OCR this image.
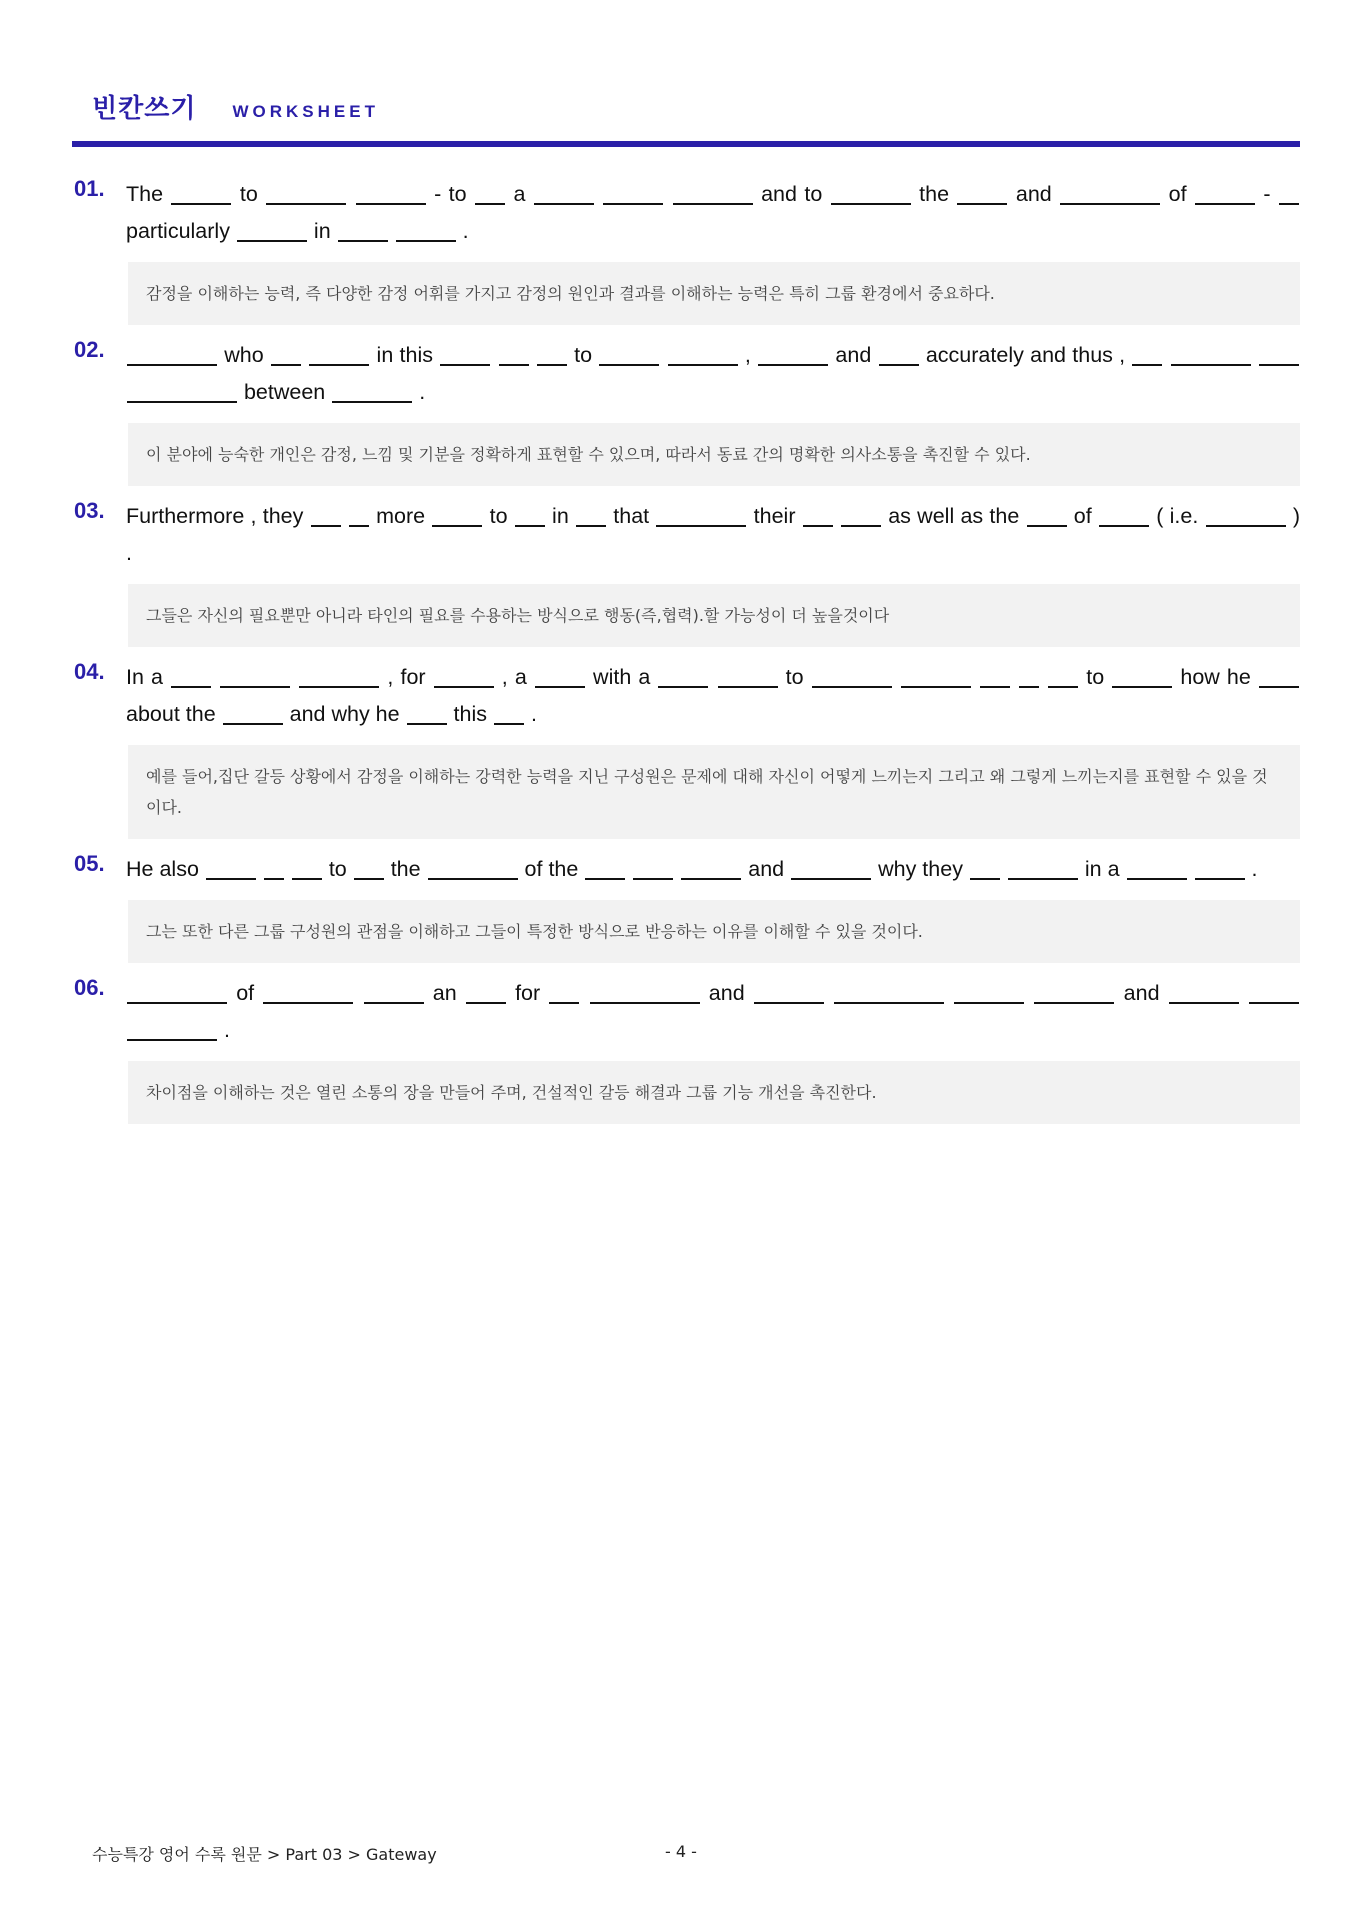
빈칸쓰기 WORKSHEET
01. The	to	- to  a	and to	the  and	of	-  particularly	in	.
감정을 이해하는 능력, 즉 다양한 감정 어휘를 가지고 감정의 원인과 결과를 이해하는 능력은 특히 그룹 환경에서 중요하다.
02.	who	in this	to	,	and  accurately and thus ,     between	.
이 분야에 능숙한 개인은 감정, 느낌 및 기분을 정확하게 표현할 수 있으며, 따라서 동료 간의 명확한 의사소통을 촉진할 수 있다.
03. Furthermore , they	more  to  in  that	their	as well as the  of  ( i.e.	) .
그들은 자신의 필요뿐만 아니라 타인의 필요를 수용하는 방식으로 행동(즉,협력).할 가능성이 더 높을것이다
04. In a	, for	, a  with a	to	to	how he  about the	and why he  this  .
예를 들어,집단 갈등 상황에서 감정을 이해하는 강력한 능력을 지닌 구성원은 문제에 대해 자신이 어떻게 느끼는지 그리고 왜 그렇게 느끼는지를 표현할 수 있을 것이다.
05. He also	to  the	of the	and	why they	in a	.
그는 또한 다른 그룹 구성원의 관점을 이해하고 그들이 특정한 방식으로 반응하는 이유를 이해할 수 있을 것이다.
06.	of	an  for	and	and    .
차이점을 이해하는 것은 열린 소통의 장을 만들어 주며, 건설적인 갈등 해결과 그룹 기능 개선을 촉진한다.
수능특강 영어 수록 원문 > Part 03 > Gateway	- 4 -
